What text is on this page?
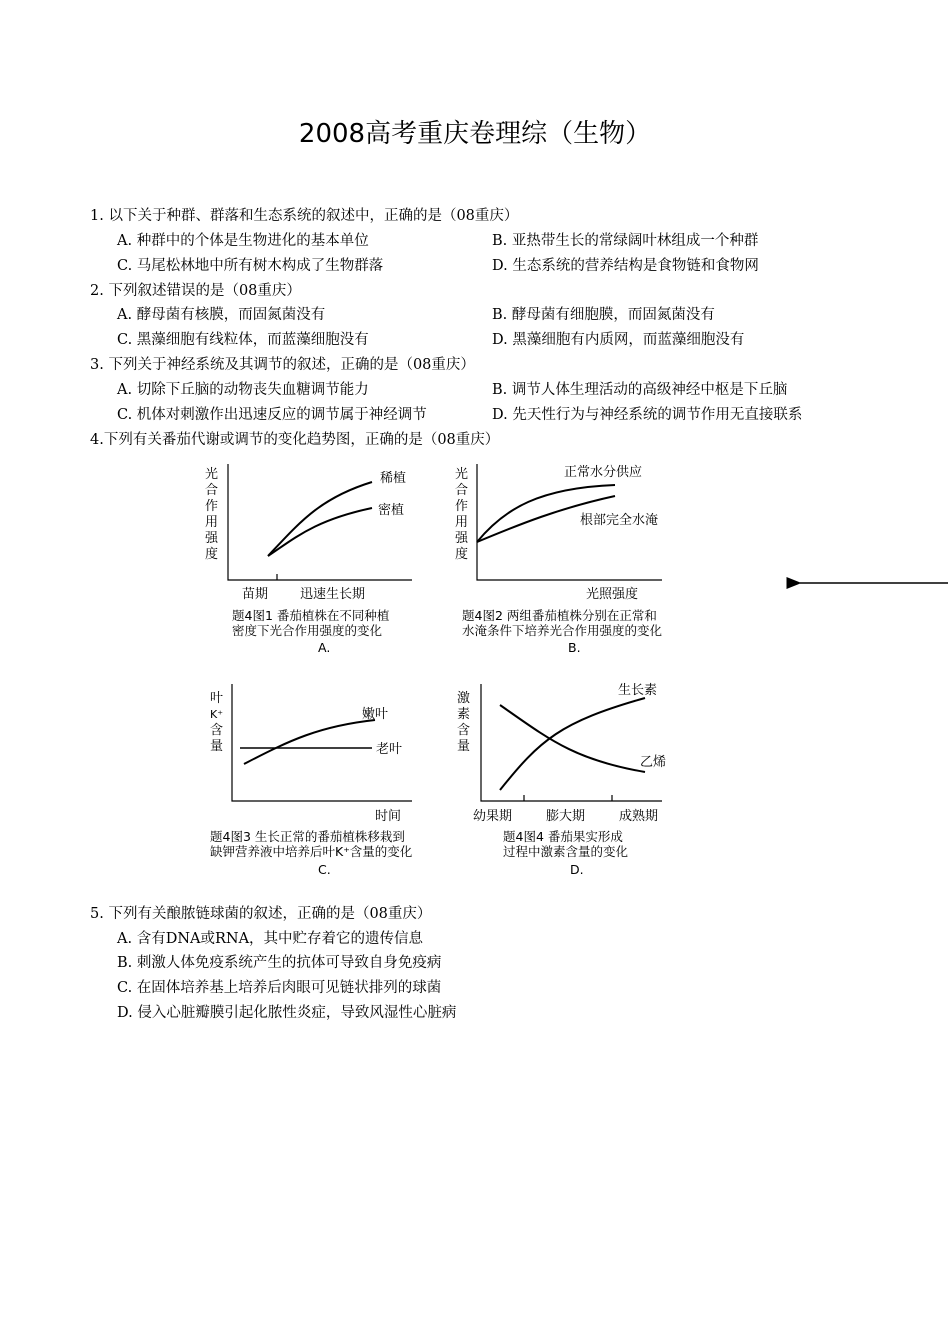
2008高考重庆卷理综（生物）
1. 以下关于种群、群落和生态系统的叙述中，正确的是（08重庆）
A. 种群中的个体是生物进化的基本单位	B. 亚热带生长的常绿阔叶林组成一个种群
C. 马尾松林地中所有树木构成了生物群落	D. 生态系统的营养结构是食物链和食物网
2. 下列叙述错误的是（08重庆）
A. 酵母菌有核膜，而固氮菌没有	B. 酵母菌有细胞膜，而固氮菌没有
C. 黑藻细胞有线粒体，而蓝藻细胞没有	D. 黑藻细胞有内质网，而蓝藻细胞没有
3. 下列关于神经系统及其调节的叙述，正确的是（08重庆）
A. 切除下丘脑的动物丧失血糖调节能力	B. 调节人体生理活动的高级神经中枢是下丘脑
C. 机体对刺激作出迅速反应的调节属于神经调节	D. 先天性行为与神经系统的调节作用无直接联系
4.下列有关番茄代谢或调节的变化趋势图，正确的是（08重庆）
光
合
作
用
强
度
稀植
密植
苗期 迅速生长期
题4图1 番茄植株在不同种植
密度下光合作用强度的变化
A.
光
合
作
用
强
度
正常水分供应
根部完全水淹
光照强度
题4图2 两组番茄植株分别在正常和
水淹条件下培养光合作用强度的变化
B.
叶
K⁺
含
量
嫩叶
老叶
时间
题4图3 生长正常的番茄植株移栽到
缺钾营养液中培养后叶K⁺含量的变化
C.
激
素
含
量
生长素
乙烯
幼果期	膨大期	成熟期
题4图4 番茄果实形成
过程中激素含量的变化
D.
5. 下列有关酿脓链球菌的叙述，正确的是（08重庆）
A. 含有DNA或RNA，其中贮存着它的遗传信息
B. 刺激人体免疫系统产生的抗体可导致自身免疫病
C. 在固体培养基上培养后肉眼可见链状排列的球菌
D. 侵入心脏瓣膜引起化脓性炎症，导致风湿性心脏病
